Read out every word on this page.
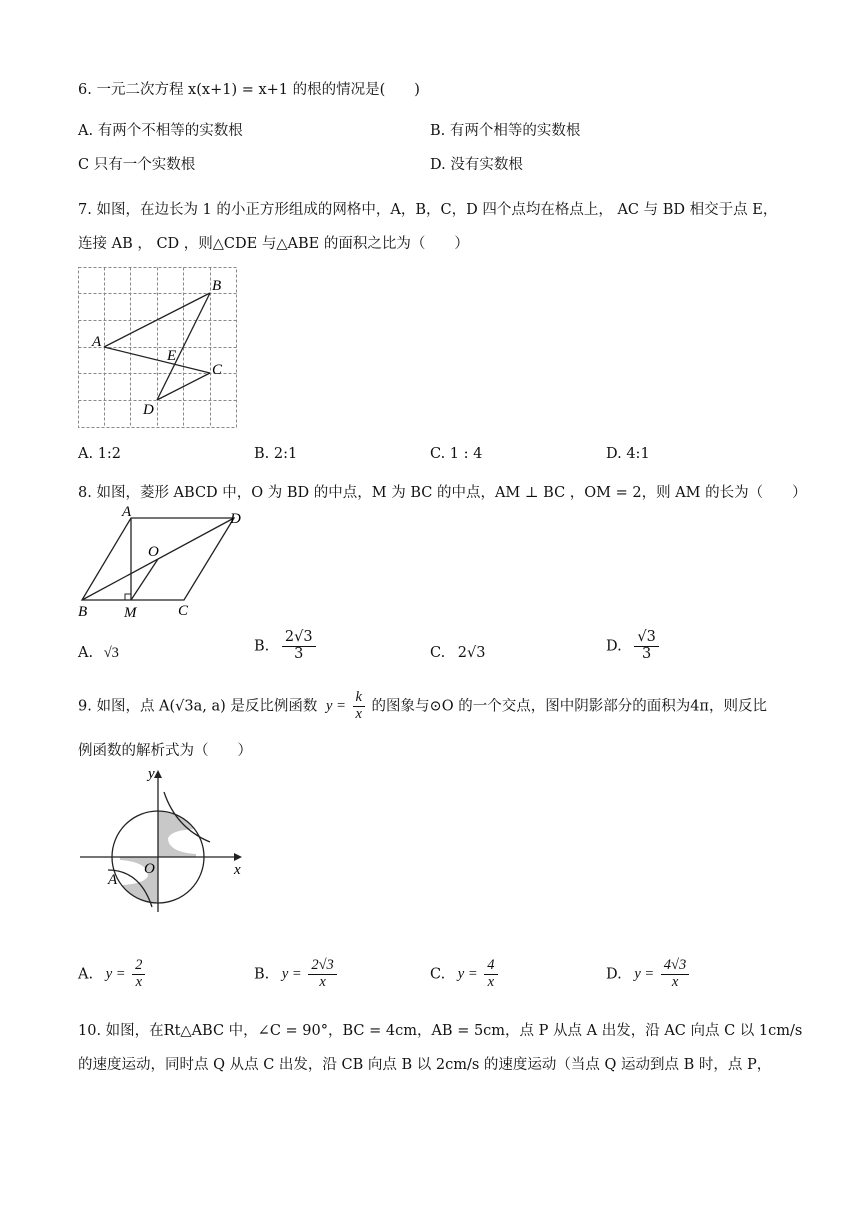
6. 一元二次方程 x(x+1) = x+1 的根的情况是(　　)
A. 有两个不相等的实数根	B. 有两个相等的实数根
C 只有一个实数根	D. 没有实数根
7. 如图，在边长为 1 的小正方形组成的网格中，A，B，C，D 四个点均在格点上， AC 与 BD 相交于点 E，
连接 AB ， CD ，则△CDE 与△ABE 的面积之比为（　　）
A
B
C
D
E
A. 1:2	B. 2:1	C. 1 : 4	D. 4:1
8. 如图，菱形 ABCD 中，O 为 BD 的中点，M 为 BC 的中点，AM ⊥ BC ，OM = 2，则 AM 的长为（　　）
A
B	C
D
O
M
A. √3	B. $\frac{2√3}{3}$	C. 2√3	D. $\frac{√3}{3}$
9. 如图，点 A(√3a, a) 是反比例函数 $y = \frac{k}{x}$ 的图象与⊙O 的一个交点，图中阴影部分的面积为4π，则反比
例函数的解析式为（　　）
y
x
O
A
A. $y = \frac{2}{x}$	B. $y = \frac{2√3}{x}$	C. $y = \frac{4}{x}$	D. $y = \frac{4√3}{x}$
10. 如图，在Rt△ABC 中，∠C = 90°，BC = 4cm，AB = 5cm，点 P 从点 A 出发，沿 AC 向点 C 以 1cm/s
的速度运动，同时点 Q 从点 C 出发，沿 CB 向点 B 以 2cm/s 的速度运动（当点 Q 运动到点 B 时，点 P，
